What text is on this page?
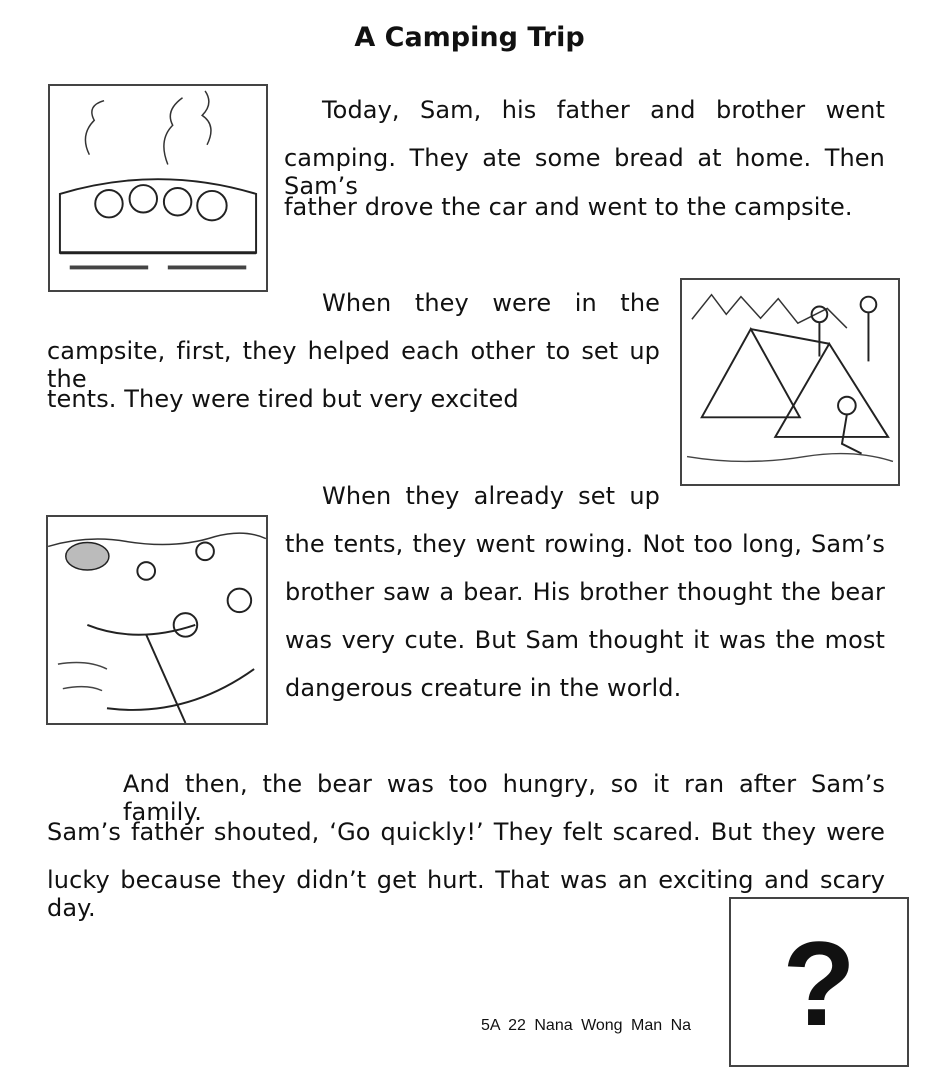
A Camping Trip
Today, Sam, his father and brother went
camping. They ate some bread at home. Then Sam’s
father drove the car and went to the campsite.
When they were in the
campsite, first, they helped each other to set up the
tents. They were tired but very excited
When they already set up
the tents, they went rowing. Not too long, Sam’s
brother saw a bear. His brother thought the bear
was very cute. But Sam thought it was the most
dangerous creature in the world.
And then, the bear was too hungry, so it ran after Sam’s family.
Sam’s father shouted, ‘Go quickly!’ They felt scared. But they were
lucky because they didn’t get hurt. That was an exciting and scary day.
?
5A 22 Nana Wong Man Na
